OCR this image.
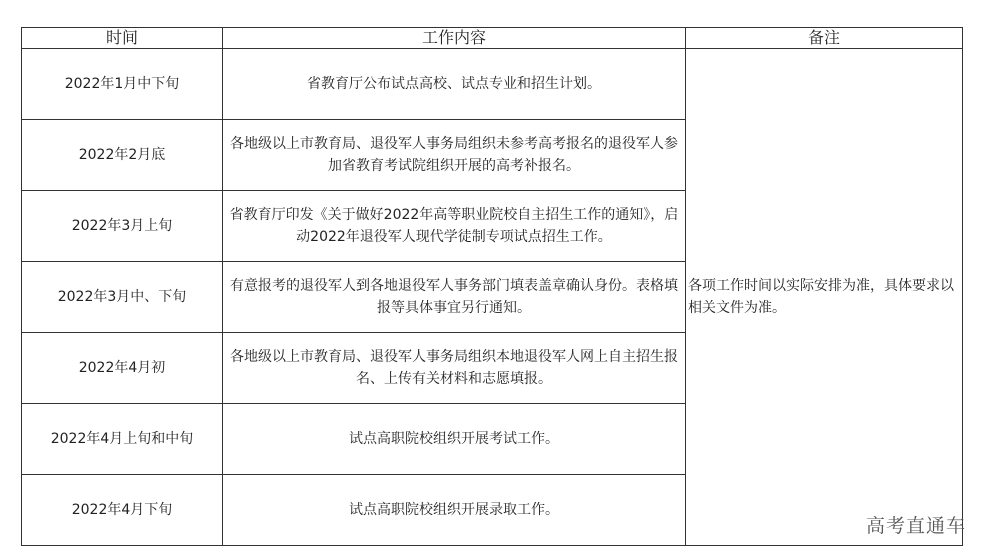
时间	工作内容	备注
2022年1月中下旬	省教育厅公布试点高校、试点专业和招生计划。	各项工作时间以实际安排为准，具体要求以相关文件为准。
2022年2月底	各地级以上市教育局、退役军人事务局组织未参考高考报名的退役军人参加省教育考试院组织开展的高考补报名。	
2022年3月上旬	省教育厅印发《关于做好2022年高等职业院校自主招生工作的通知》，启动2022年退役军人现代学徒制专项试点招生工作。	
2022年3月中、下旬	有意报考的退役军人到各地退役军人事务部门填表盖章确认身份。表格填报等具体事宜另行通知。	
2022年4月初	各地级以上市教育局、退役军人事务局组织本地退役军人网上自主招生报名、上传有关材料和志愿填报。	
2022年4月上旬和中旬	试点高职院校组织开展考试工作。	
2022年4月下旬	试点高职院校组织开展录取工作。	
高考直通车
